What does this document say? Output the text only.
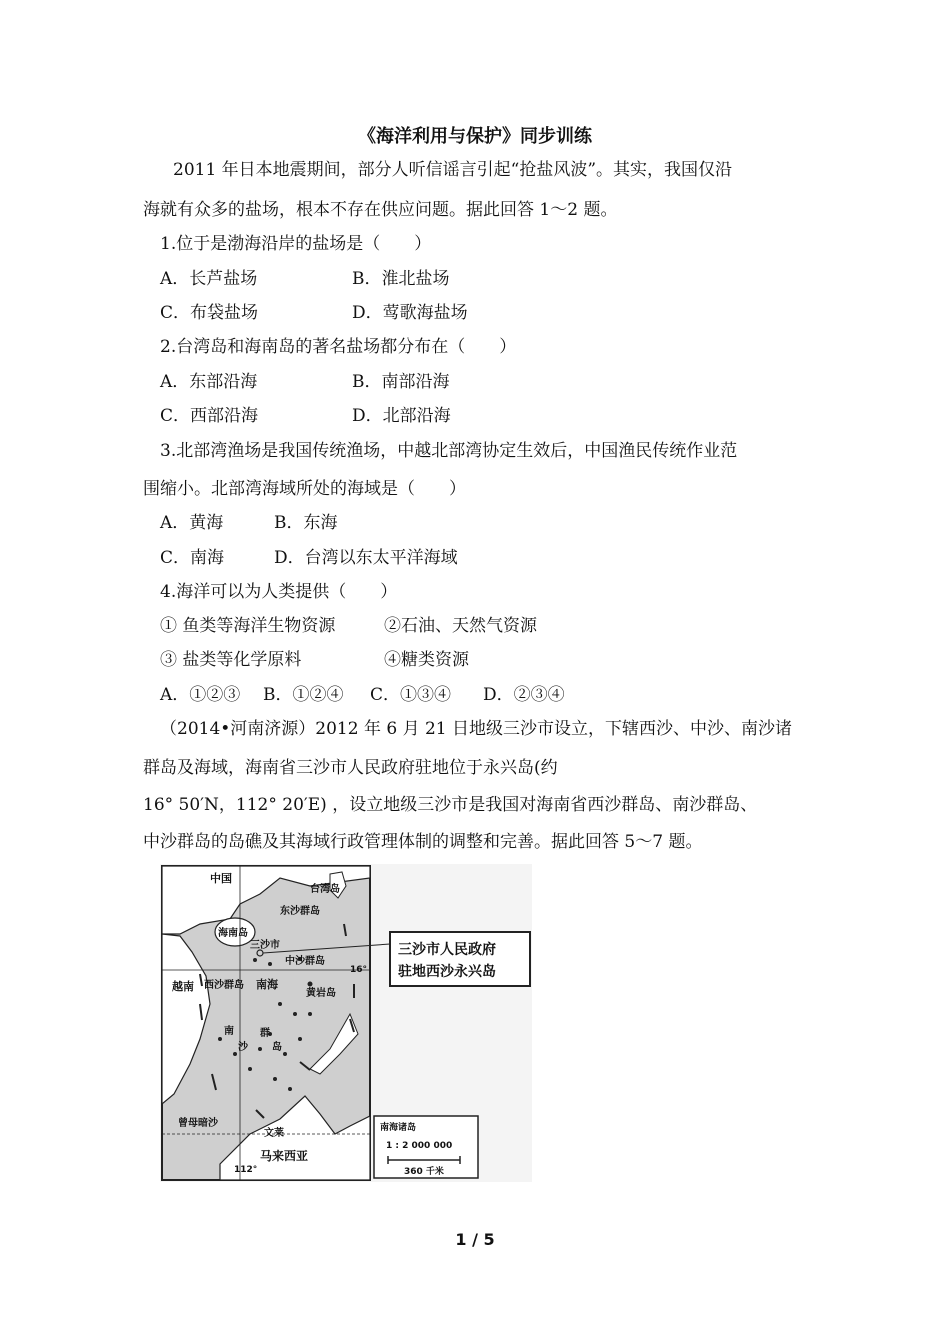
《海洋利用与保护》同步训练
2011 年日本地震期间，部分人听信谣言引起“抢盐风波”。其实，我国仅沿
海就有众多的盐场，根本不存在供应问题。据此回答 1～2 题。
1.位于是渤海沿岸的盐场是（　　）
A．长芦盐场	B．淮北盐场
C．布袋盐场	D．莺歌海盐场
2.台湾岛和海南岛的著名盐场都分布在（　　）
A．东部沿海	B．南部沿海
C．西部沿海	D．北部沿海
3.北部湾渔场是我国传统渔场，中越北部湾协定生效后，中国渔民传统作业范
围缩小。北部湾海域所处的海域是（　　）
A．黄海	B．东海
C．南海	D．台湾以东太平洋海域
4.海洋可以为人类提供（　　）
① 鱼类等海洋生物资源	②石油、天然气资源
③ 盐类等化学原料	④糖类资源
A．①②③ B．①②④ C．①③④ D．②③④
（2014•河南济源）2012 年 6 月 21 日地级三沙市设立，下辖西沙、中沙、南沙诸
群岛及海域，海南省三沙市人民政府驻地位于永兴岛(约
16° 50′N，112° 20′E) ，设立地级三沙市是我国对海南省西沙群岛、南沙群岛、
中沙群岛的岛礁及其海域行政管理体制的调整和完善。据此回答 5～7 题。
中国
台湾岛
东沙群岛
海南岛
三沙市
中沙群岛
16°
越南 西沙群岛 南海
黄岩岛
南
沙
群
岛
曾母暗沙
文莱
马来西亚
112°
三沙市人民政府
驻地西沙永兴岛
南海诸岛
1 : 2 000 000
360 千米
1 / 5
